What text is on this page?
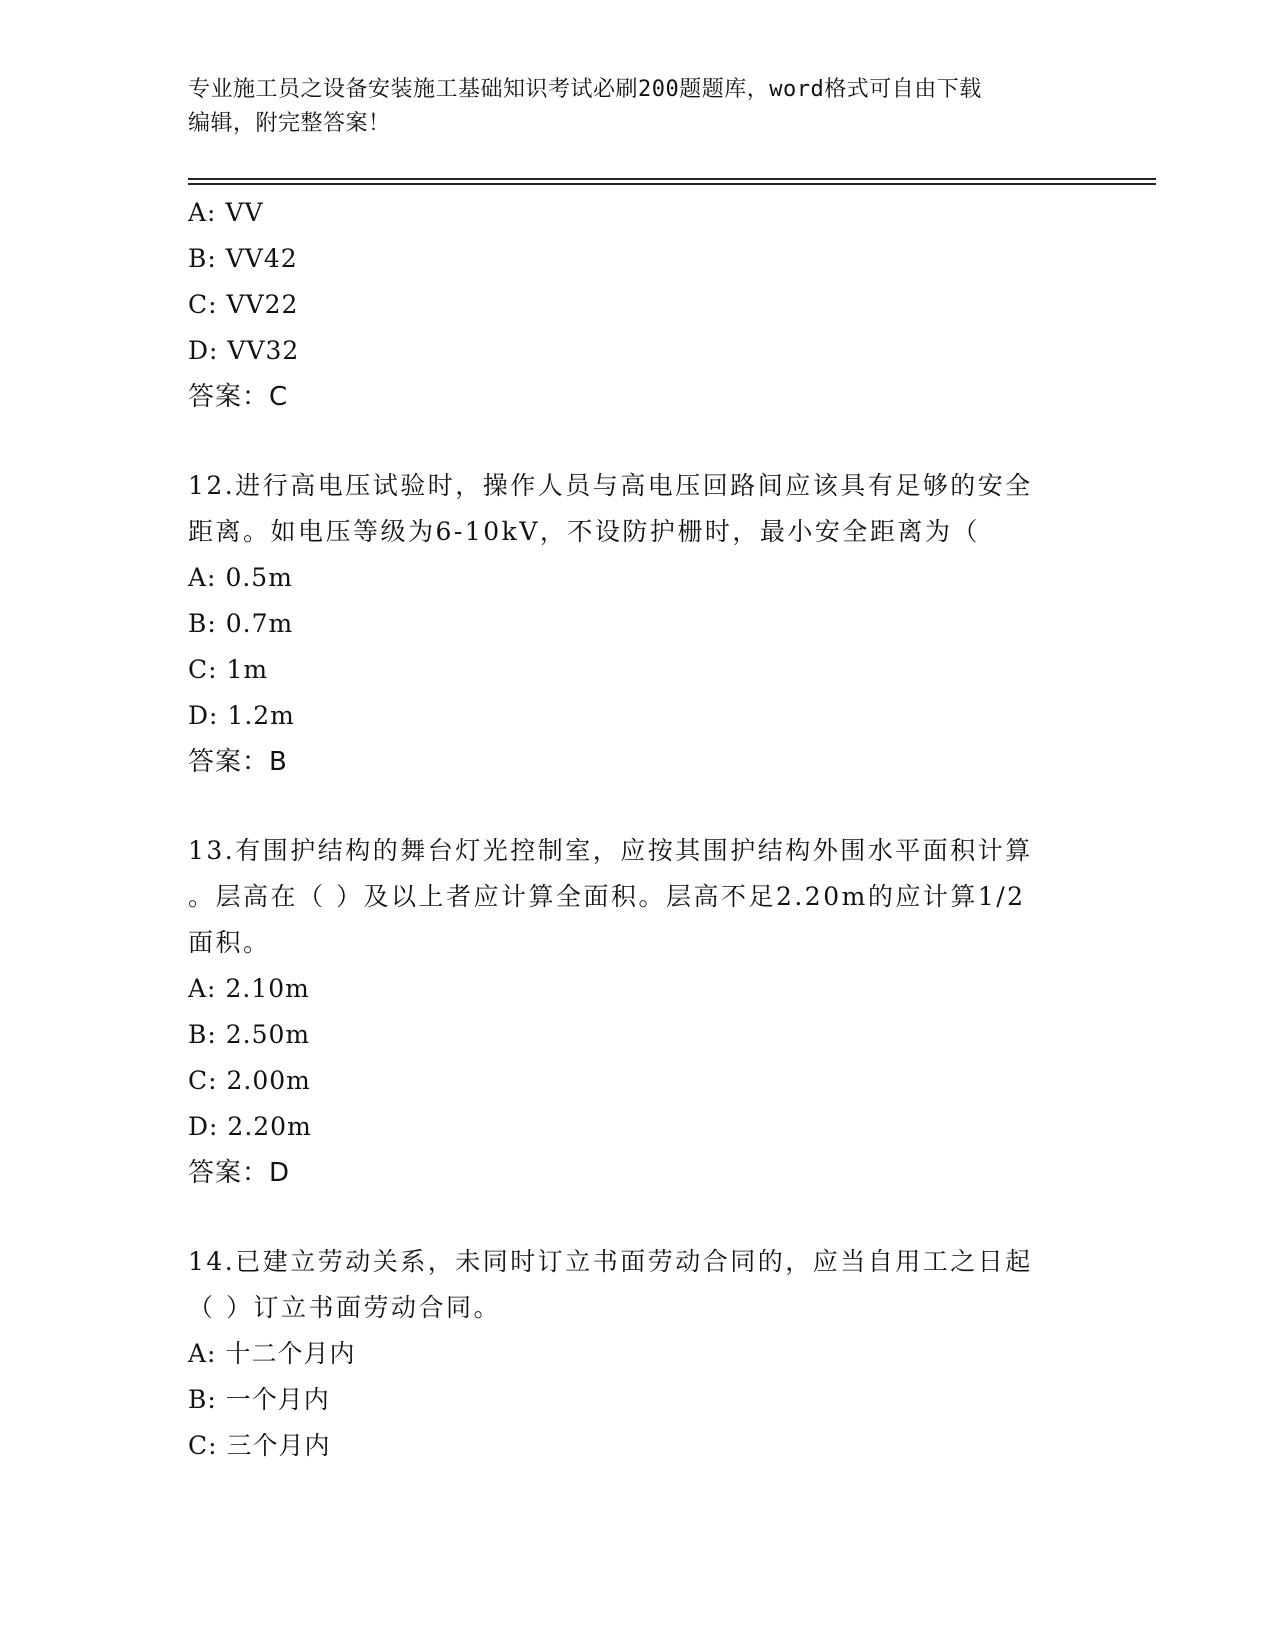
专业施工员之设备安装施工基础知识考试必刷200题题库，word格式可自由下载
编辑，附完整答案！
A: VV
B: VV42
C: VV22
D: VV32
答案：C
12.进行高电压试验时，操作人员与高电压回路间应该具有足够的安全
距离。如电压等级为6-10kV，不设防护栅时，最小安全距离为（
A: 0.5m
B: 0.7m
C: 1m
D: 1.2m
答案：B
13.有围护结构的舞台灯光控制室，应按其围护结构外围水平面积计算
。层高在（ ）及以上者应计算全面积。层高不足2.20m的应计算1/2
面积。
A: 2.10m
B: 2.50m
C: 2.00m
D: 2.20m
答案：D
14.已建立劳动关系，未同时订立书面劳动合同的，应当自用工之日起
（ ）订立书面劳动合同。
A: 十二个月内
B: 一个月内
C: 三个月内
